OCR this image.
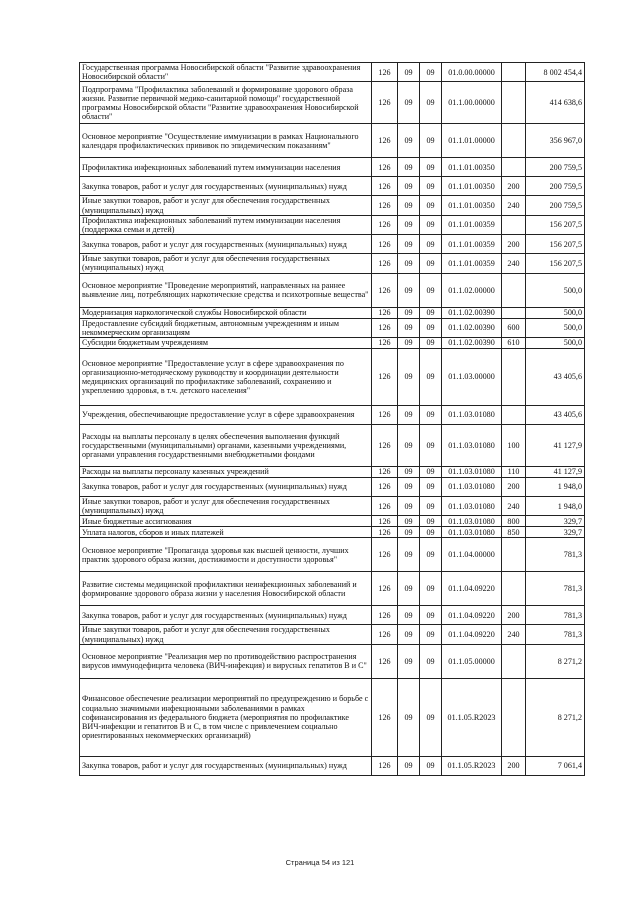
Государственная программа Новосибирской области "Развитие здравоохранения Новосибирской области"	126	09	09	01.0.00.00000		8 002 454,4
Подпрограмма "Профилактика заболеваний и формирование здорового образа жизни. Развитие первичной медико-санитарной помощи" государственной программы Новосибирской области "Развитие здравоохранения Новосибирской области"	126	09	09	01.1.00.00000		414 638,6
Основное мероприятие "Осуществление иммунизации в рамках Национального календаря профилактических прививок по эпидемическим показаниям"	126	09	09	01.1.01.00000		356 967,0
Профилактика инфекционных заболеваний путем иммунизации населения	126	09	09	01.1.01.00350		200 759,5
Закупка товаров, работ и услуг для государственных (муниципальных) нужд	126	09	09	01.1.01.00350	200	200 759,5
Иные закупки товаров, работ и услуг для обеспечения государственных (муниципальных) нужд	126	09	09	01.1.01.00350	240	200 759,5
Профилактика инфекционных заболеваний путем иммунизации населения (поддержка семьи и детей)	126	09	09	01.1.01.00359		156 207,5
Закупка товаров, работ и услуг для государственных (муниципальных) нужд	126	09	09	01.1.01.00359	200	156 207,5
Иные закупки товаров, работ и услуг для обеспечения государственных (муниципальных) нужд	126	09	09	01.1.01.00359	240	156 207,5
Основное мероприятие "Проведение мероприятий, направленных на раннее выявление лиц, потребляющих наркотические средства и психотропные вещества"	126	09	09	01.1.02.00000		500,0
Модернизация наркологической службы Новосибирской области	126	09	09	01.1.02.00390		500,0
Предоставление субсидий бюджетным, автономным учреждениям и иным некоммерческим организациям	126	09	09	01.1.02.00390	600	500,0
Субсидии бюджетным учреждениям	126	09	09	01.1.02.00390	610	500,0
Основное мероприятие "Предоставление услуг в сфере здравоохранения по организационно-методическому руководству и координации деятельности медицинских организаций по профилактике заболеваний, сохранению и укреплению здоровья, в т.ч. детского населения"	126	09	09	01.1.03.00000		43 405,6
Учреждения, обеспечивающие предоставление услуг в сфере здравоохранения	126	09	09	01.1.03.01080		43 405,6
Расходы на выплаты персоналу в целях обеспечения выполнения функций государственными (муниципальными) органами, казенными учреждениями, органами управления государственными внебюджетными фондами	126	09	09	01.1.03.01080	100	41 127,9
Расходы на выплаты персоналу казенных учреждений	126	09	09	01.1.03.01080	110	41 127,9
Закупка товаров, работ и услуг для государственных (муниципальных) нужд	126	09	09	01.1.03.01080	200	1 948,0
Иные закупки товаров, работ и услуг для обеспечения государственных (муниципальных) нужд	126	09	09	01.1.03.01080	240	1 948,0
Иные бюджетные ассигнования	126	09	09	01.1.03.01080	800	329,7
Уплата налогов, сборов и иных платежей	126	09	09	01.1.03.01080	850	329,7
Основное мероприятие "Пропаганда здоровья как высшей ценности, лучших практик здорового образа жизни, достижимости и доступности здоровья"	126	09	09	01.1.04.00000		781,3
Развитие системы медицинской профилактики неинфекционных заболеваний и формирование здорового образа жизни у населения Новосибирской области	126	09	09	01.1.04.09220		781,3
Закупка товаров, работ и услуг для государственных (муниципальных) нужд	126	09	09	01.1.04.09220	200	781,3
Иные закупки товаров, работ и услуг для обеспечения государственных (муниципальных) нужд	126	09	09	01.1.04.09220	240	781,3
Основное мероприятие "Реализация мер по противодействию распространения вирусов иммунодефицита человека (ВИЧ-инфекция) и вирусных гепатитов В и С"	126	09	09	01.1.05.00000		8 271,2
Финансовое обеспечение реализации мероприятий по предупреждению и борьбе с социально значимыми инфекционными заболеваниями в рамках софинансирования из федерального бюджета (мероприятия по профилактике ВИЧ-инфекции и гепатитов В и С, в том числе с привлечением социально ориентированных некоммерческих организаций)	126	09	09	01.1.05.R2023		8 271,2
Закупка товаров, работ и услуг для государственных (муниципальных) нужд	126	09	09	01.1.05.R2023	200	7 061,4
Страница 54 из 121
